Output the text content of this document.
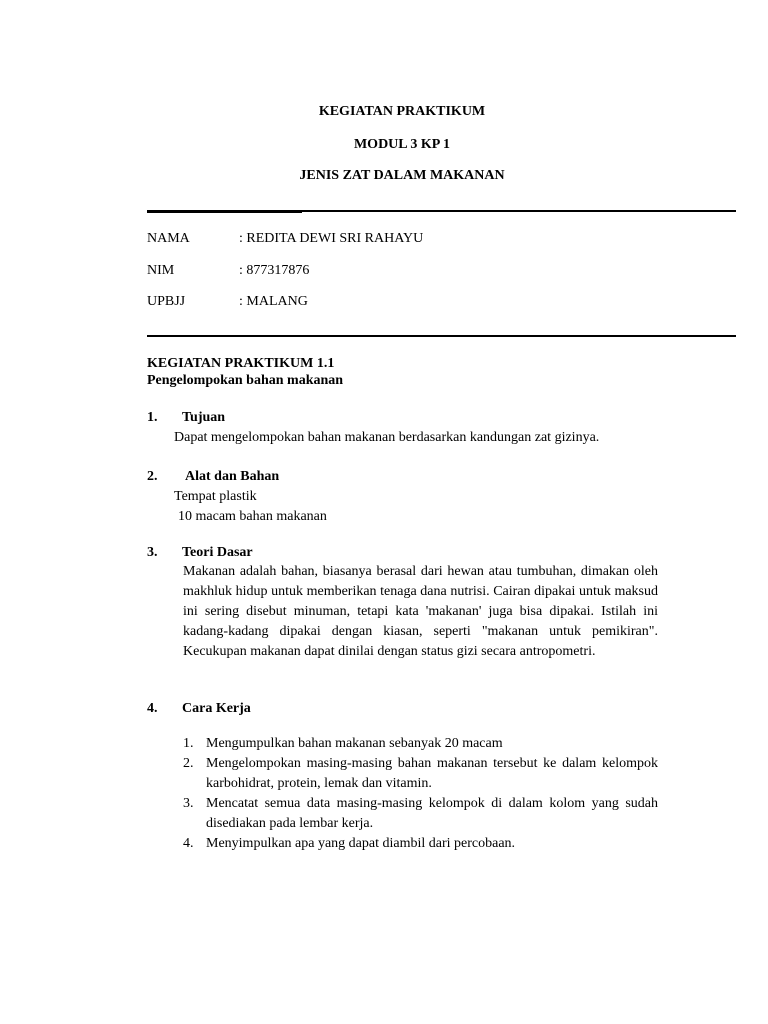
KEGIATAN PRAKTIKUM
MODUL 3 KP 1
JENIS ZAT DALAM MAKANAN
NAMA	: REDITA DEWI SRI RAHAYU
NIM	: 877317876
UPBJJ	: MALANG
KEGIATAN PRAKTIKUM 1.1
Pengelompokan bahan makanan
1. Tujuan
Dapat mengelompokan bahan makanan berdasarkan kandungan zat gizinya.
2. Alat dan Bahan
Tempat plastik
10 macam bahan makanan
3. Teori Dasar
Makanan adalah bahan, biasanya berasal dari hewan atau tumbuhan, dimakan oleh makhluk hidup untuk memberikan tenaga dana nutrisi. Cairan dipakai untuk maksud ini sering disebut minuman, tetapi kata 'makanan' juga bisa dipakai. Istilah ini kadang-kadang dipakai dengan kiasan, seperti "makanan untuk pemikiran". Kecukupan makanan dapat dinilai dengan status gizi secara antropometri.
4. Cara Kerja
1. Mengumpulkan bahan makanan sebanyak 20 macam
2. Mengelompokan masing-masing bahan makanan tersebut ke dalam kelompok karbohidrat, protein, lemak dan vitamin.
3. Mencatat semua data masing-masing kelompok di dalam kolom yang sudah disediakan pada lembar kerja.
4. Menyimpulkan apa yang dapat diambil dari percobaan.
